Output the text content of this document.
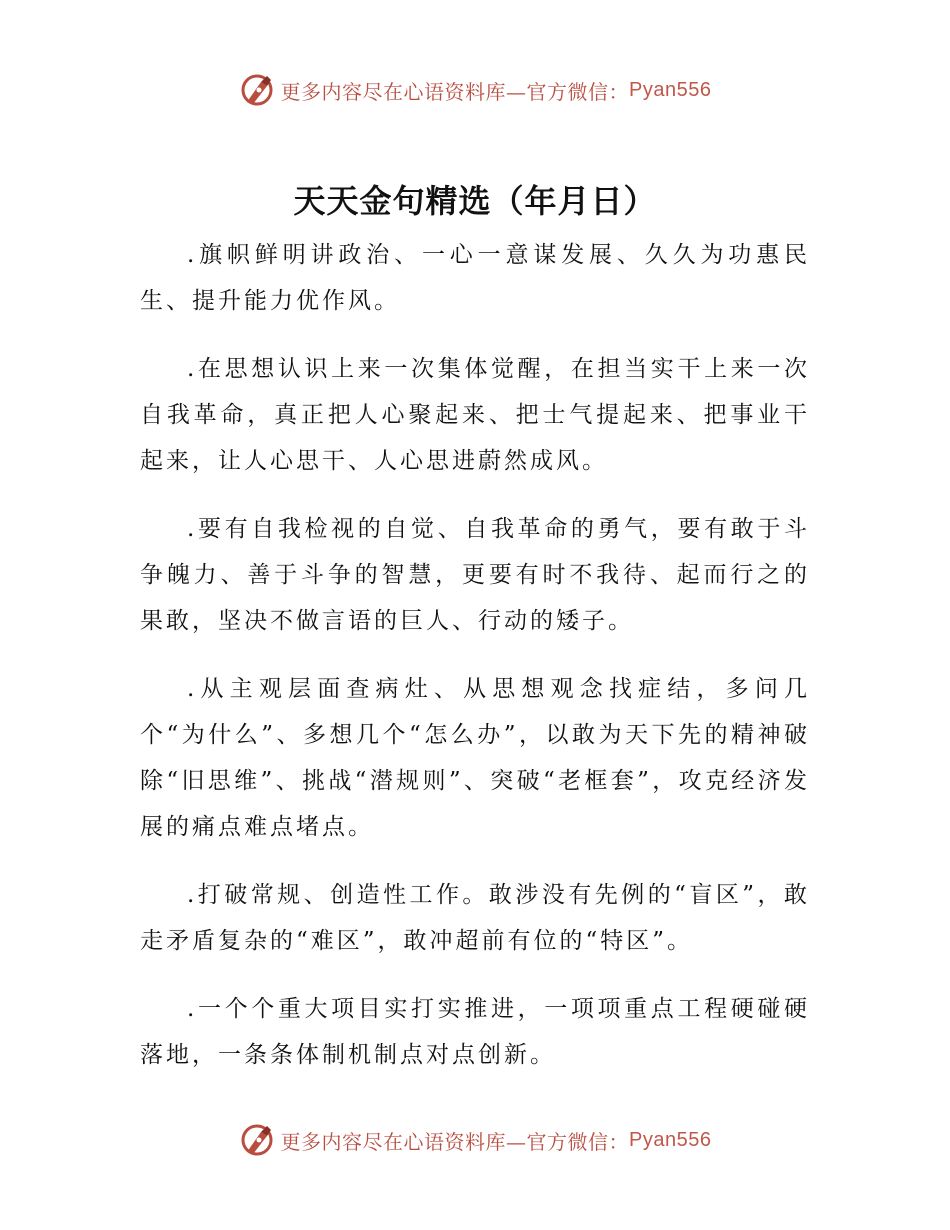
更多内容尽在心语资料库—官方微信： Pyan556
天天金句精选（年月日）

.旗帜鲜明讲政治、一心一意谋发展、久久为功惠民生、提升能力优作风。

.在思想认识上来一次集体觉醒，在担当实干上来一次自我革命，真正把人心聚起来、把士气提起来、把事业干起来，让人心思干、人心思进蔚然成风。

.要有自我检视的自觉、自我革命的勇气，要有敢于斗争魄力、善于斗争的智慧，更要有时不我待、起而行之的果敢，坚决不做言语的巨人、行动的矮子。

.从主观层面查病灶、从思想观念找症结，多问几个“为什么”、多想几个“怎么办”，以敢为天下先的精神破除“旧思维”、挑战“潜规则”、突破“老框套”，攻克经济发展的痛点难点堵点。

.打破常规、创造性工作。敢涉没有先例的“盲区”，敢走矛盾复杂的“难区”，敢冲超前有位的“特区”。

.一个个重大项目实打实推进，一项项重点工程硬碰硬落地，一条条体制机制点对点创新。

更多内容尽在心语资料库—官方微信： Pyan556
